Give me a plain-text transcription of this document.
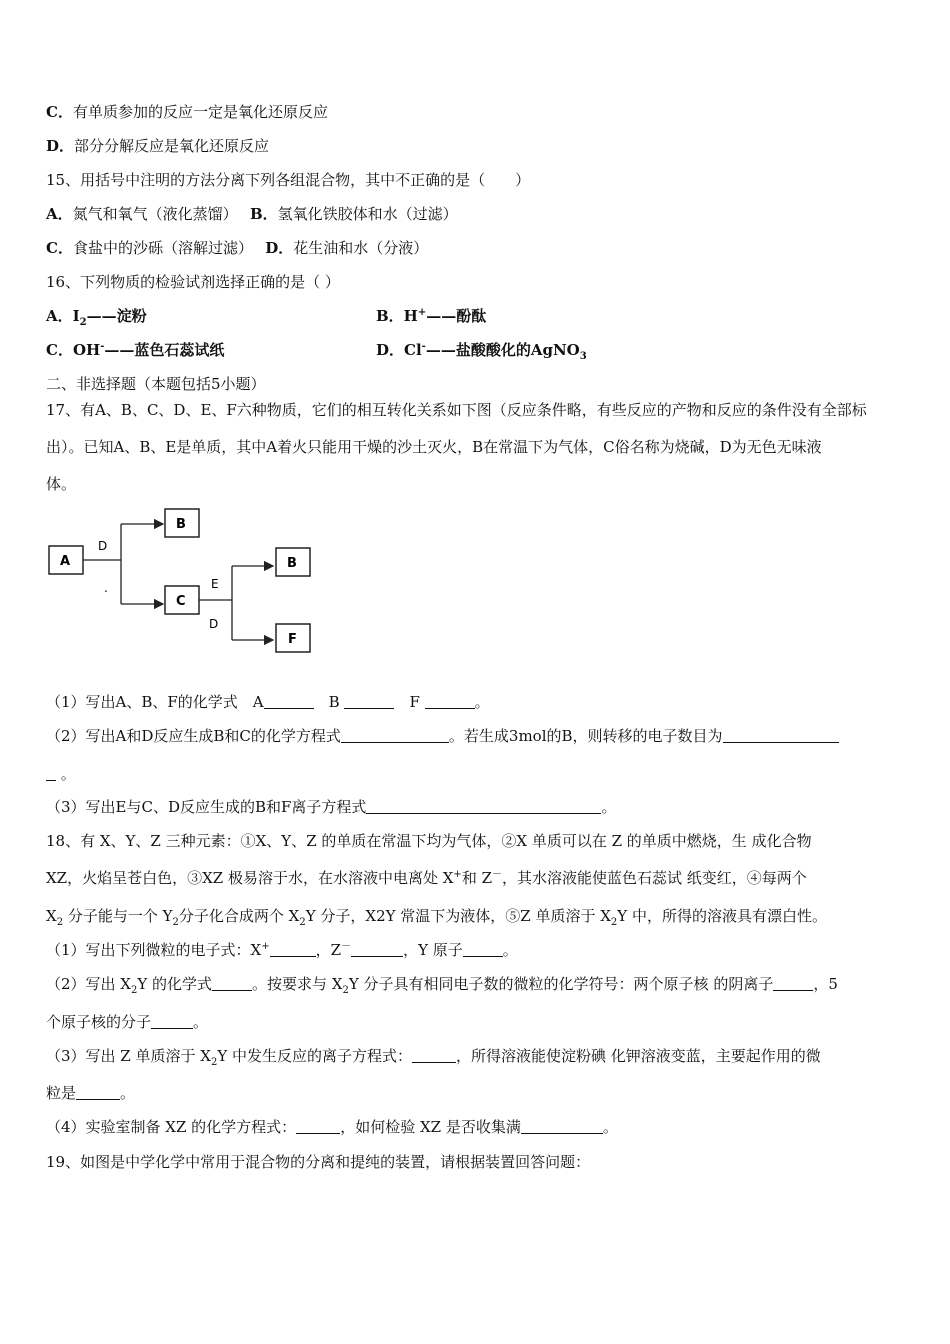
C．有单质参加的反应一定是氧化还原反应
D．部分分解反应是氧化还原反应
15、用括号中注明的方法分离下列各组混合物，其中不正确的是（　　）
A．氮气和氧气（液化蒸馏）　 B．氢氧化铁胶体和水（过滤）
C．食盐中的沙砾（溶解过滤）　 D．花生油和水（分液）
16、下列物质的检验试剂选择正确的是（ ）
A．$I_2——$淀粉	B．H+——酚酞
C．OH-——蓝色石蕊试纸	D．Cl-——盐酸酸化的AgNO$_3$
二、非选择题（本题包括5小题）
17、有A、B、C、D、E、F六种物质，它们的相互转化关系如下图（反应条件略，有些反应的产物和反应的条件没有全部标
出）。已知A、B、E是单质，其中A着火只能用干燥的沙土灭火，B在常温下为气体，C俗名称为烧碱，D为无色无味液
体。
A
D
.
B
C
E
D
B
F
（1）写出A、B、F的化学式　A	　B	　F	。
（2）写出A和D反应生成B和C的化学方程式	。若生成3mol的B，则转移的电子数目为
。
（3）写出E与C、D反应生成的B和F离子方程式	。
18、有 X、Y、Z 三种元素：①X、Y、Z 的单质在常温下均为气体，②X 单质可以在 Z 的单质中燃烧，生 成化合物
XZ，火焰呈苍白色，③XZ 极易溶于水，在水溶液中电离处 X+和 Z－，其水溶液能使蓝色石蕊试 纸变红，④每两个
$X_2$ 分子能与一个 $Y_2$分子化合成两个 $X_2Y$ 分子，X2Y 常温下为液体，⑤Z 单质溶于 $X_2Y$ 中，所得的溶液具有漂白性。
（1）写出下列微粒的电子式：X+	，Z－	，Y 原子	。
（2）写出 $X_2Y$ 的化学式	。按要求与 $X_2Y$ 分子具有相同电子数的微粒的化学符号：两个原子核 的阴离子	，5
个原子核的分子	。
（3）写出 Z 单质溶于 $X_2Y$ 中发生反应的离子方程式：	，所得溶液能使淀粉碘 化钾溶液变蓝，主要起作用的微
粒是	。
（4）实验室制备 XZ 的化学方程式：	，如何检验 XZ 是否收集满	。
19、如图是中学化学中常用于混合物的分离和提纯的装置，请根据装置回答问题：
